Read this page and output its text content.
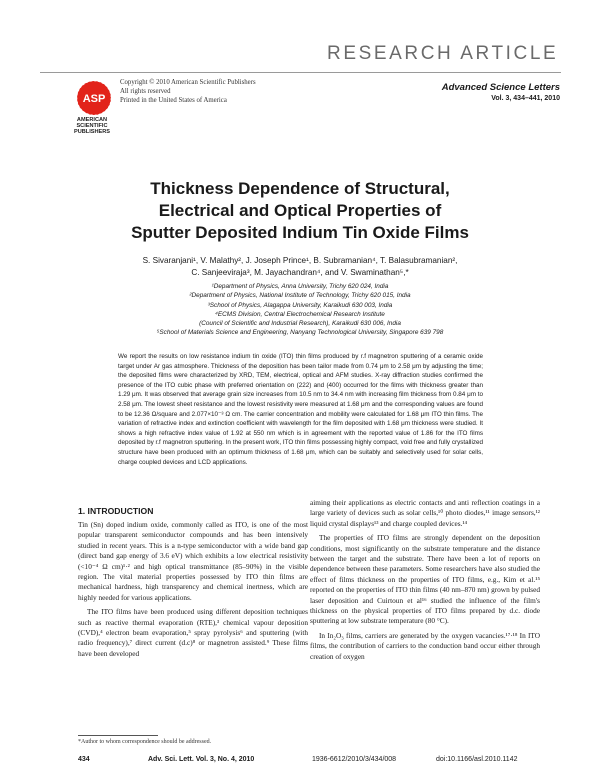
RESEARCH ARTICLE
ASP
AMERICAN SCIENTIFIC PUBLISHERS
Copyright © 2010 American Scientific Publishers
All rights reserved
Printed in the United States of America
Advanced Science Letters
Vol. 3, 434–441, 2010
Thickness Dependence of Structural,
Electrical and Optical Properties of
Sputter Deposited Indium Tin Oxide Films
S. Sivaranjani¹, V. Malathy², J. Joseph Prince¹, B. Subramanian⁴, T. Balasubramanian²,
C. Sanjeeviraja³, M. Jayachandran⁴, and V. Swaminathan⁵,*
¹Department of Physics, Anna University, Trichy 620 024, India
²Department of Physics, National Institute of Technology, Trichy 620 015, India
³School of Physics, Alagappa University, Karaikudi 630 003, India
⁴ECMS Division, Central Electrochemical Research Institute
(Council of Scientific and Industrial Research), Karaikudi 630 006, India
⁵School of Materials Science and Engineering, Nanyang Technological University, Singapore 639 798
We report the results on low resistance indium tin oxide (ITO) thin films produced by r.f magnetron sputtering of a ceramic oxide target under Ar gas atmosphere. Thickness of the deposition has been tailor made from 0.74 μm to 2.58 μm by adjusting the time; the deposited films were characterized by XRD, TEM, electrical, optical and AFM studies. X-ray diffraction studies confirmed the presence of the ITO cubic phase with preferred orientation on (222) and (400) occurred for the films with thickness greater than 1.29 μm. It was observed that average grain size increases from 10.5 nm to 34.4 nm with increasing film thickness from 0.84 μm to 2.58 μm. The lowest sheet resistance and the lowest resistivity were measured at 1.68 μm and the corresponding values are found to be 12.36 Ω/square and 2.077×10⁻³ Ω cm. The carrier concentration and mobility were calculated for 1.68 μm ITO thin films. The variation of refractive index and extinction coefficient with wavelength for the film deposited with 1.68 μm thickness were studied. It shows a high refractive index value of 1.92 at 550 nm which is in agreement with the reported value of 1.86 for the ITO films deposited by r.f magnetron sputtering. In the present work, ITO thin films possessing highly compact, void free and fully crystallized structure have been produced with an optimum thickness of 1.68 μm, which can be suitably and selectively used for solar cells, charge coupled devices and LCD applications.
1. INTRODUCTION

Tin (Sn) doped indium oxide, commonly called as ITO, is one of the most popular transparent semiconductor compounds and has been intensively studied in recent years. This is a n-type semiconductor with a wide band gap (direct band gap energy of 3.6 eV) which exhibits a low electrical resistivity (<10⁻⁴ Ω cm)¹·² and high optical transmittance (85–90%) in the visible region. The vital material properties possessed by ITO thin films are mechanical hardness, high transparency and chemical inertness, which are highly needed for various applications.

The ITO films have been produced using different deposition techniques such as reactive thermal evaporation (RTE),³ chemical vapour deposition (CVD),⁴ electron beam evaporation,⁵ spray pyrolysis⁶ and sputtering (with radio frequency),⁷ direct current (d.c)⁸ or magnetron assisted.⁹ These films have been developed

aiming their applications as electric contacts and anti reflection coatings in a large variety of devices such as solar cells,¹⁰ photo diodes,¹¹ image sensors,¹² liquid crystal displays¹³ and charge coupled devices.¹⁴

The properties of ITO films are strongly dependent on the deposition conditions, most significantly on the substrate temperature and the distance between the target and the substrate. There have been a lot of reports on dependence between these parameters. Some researchers have also studied the effect of films thickness on the properties of ITO films, e.g., Kim et al.¹⁵ reported on the properties of ITO thin films (40 nm–870 nm) grown by pulsed laser deposition and Cuirtoun et al¹⁶ studied the influence of the film's thickness on the physical properties of ITO films prepared by d.c. diode sputtering at low substrate temperature (80 °C).

In In₂O₃ films, carriers are generated by the oxygen vacancies.¹⁷·¹⁸ In ITO films, the contribution of carriers to the conduction band occur either through creation of oxygen

*Author to whom correspondence should be addressed.
434	Adv. Sci. Lett. Vol. 3, No. 4, 2010	1936-6612/2010/3/434/008	doi:10.1166/asl.2010.1142
